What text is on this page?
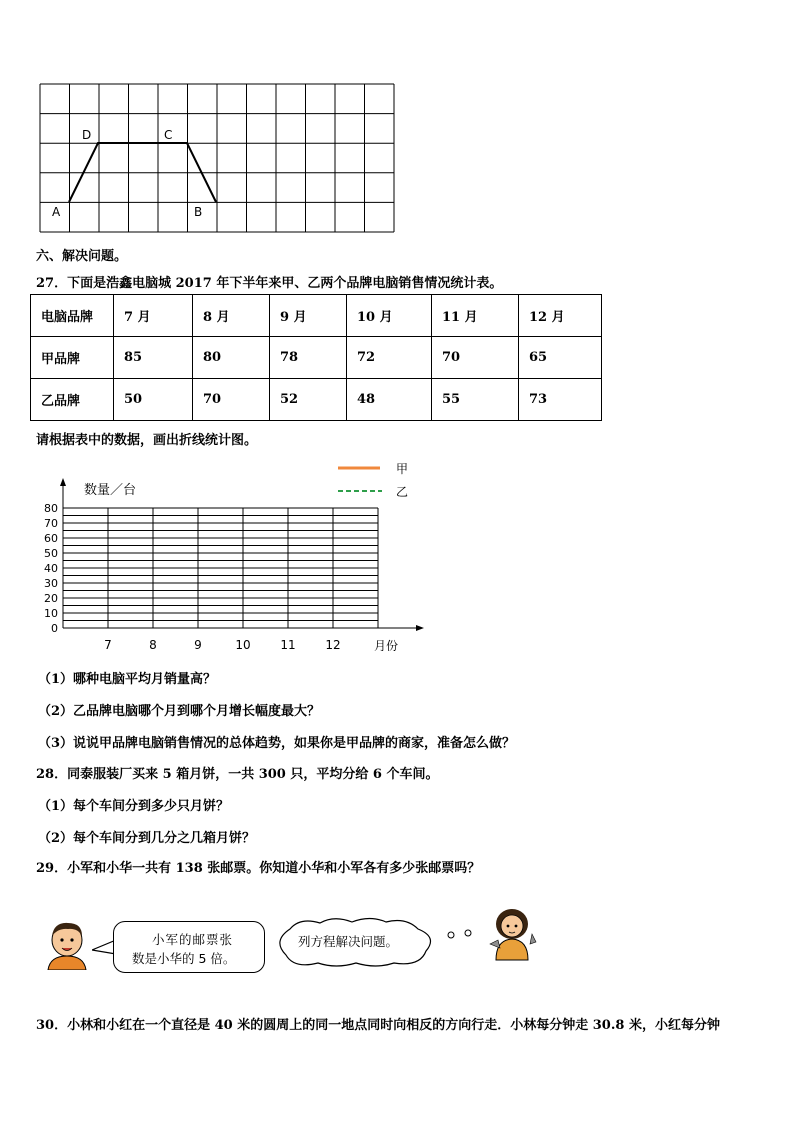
A	B
C
D
六、解决问题。
27．下面是浩鑫电脑城 2017 年下半年来甲、乙两个品牌电脑销售情况统计表。
电脑品牌	7 月	8 月	9 月	10 月	11 月	12 月
甲品牌	85	80	78	72	70	65
乙品牌	50	70	52	48	55	73
请根据表中的数据，画出折线统计图。
0
10
20
30
40
50
60
70
80
7	8	9	10 11 12
数量／台
月份
甲
乙
（1）哪种电脑平均月销量高？
（2）乙品牌电脑哪个月到哪个月增长幅度最大？
（3）说说甲品牌电脑销售情况的总体趋势，如果你是甲品牌的商家，准备怎么做？
28．同泰服装厂买来 5 箱月饼，一共 300 只，平均分给 6 个车间。
（1）每个车间分到多少只月饼？
（2）每个车间分到几分之几箱月饼？
29．小军和小华一共有 138 张邮票。你知道小华和小军各有多少张邮票吗？
小军的邮票张
数是小华的 5 倍。
列方程解决问题。
30．小林和小红在一个直径是 40 米的圆周上的同一地点同时向相反的方向行走．小林每分钟走 30.8 米，小红每分钟
